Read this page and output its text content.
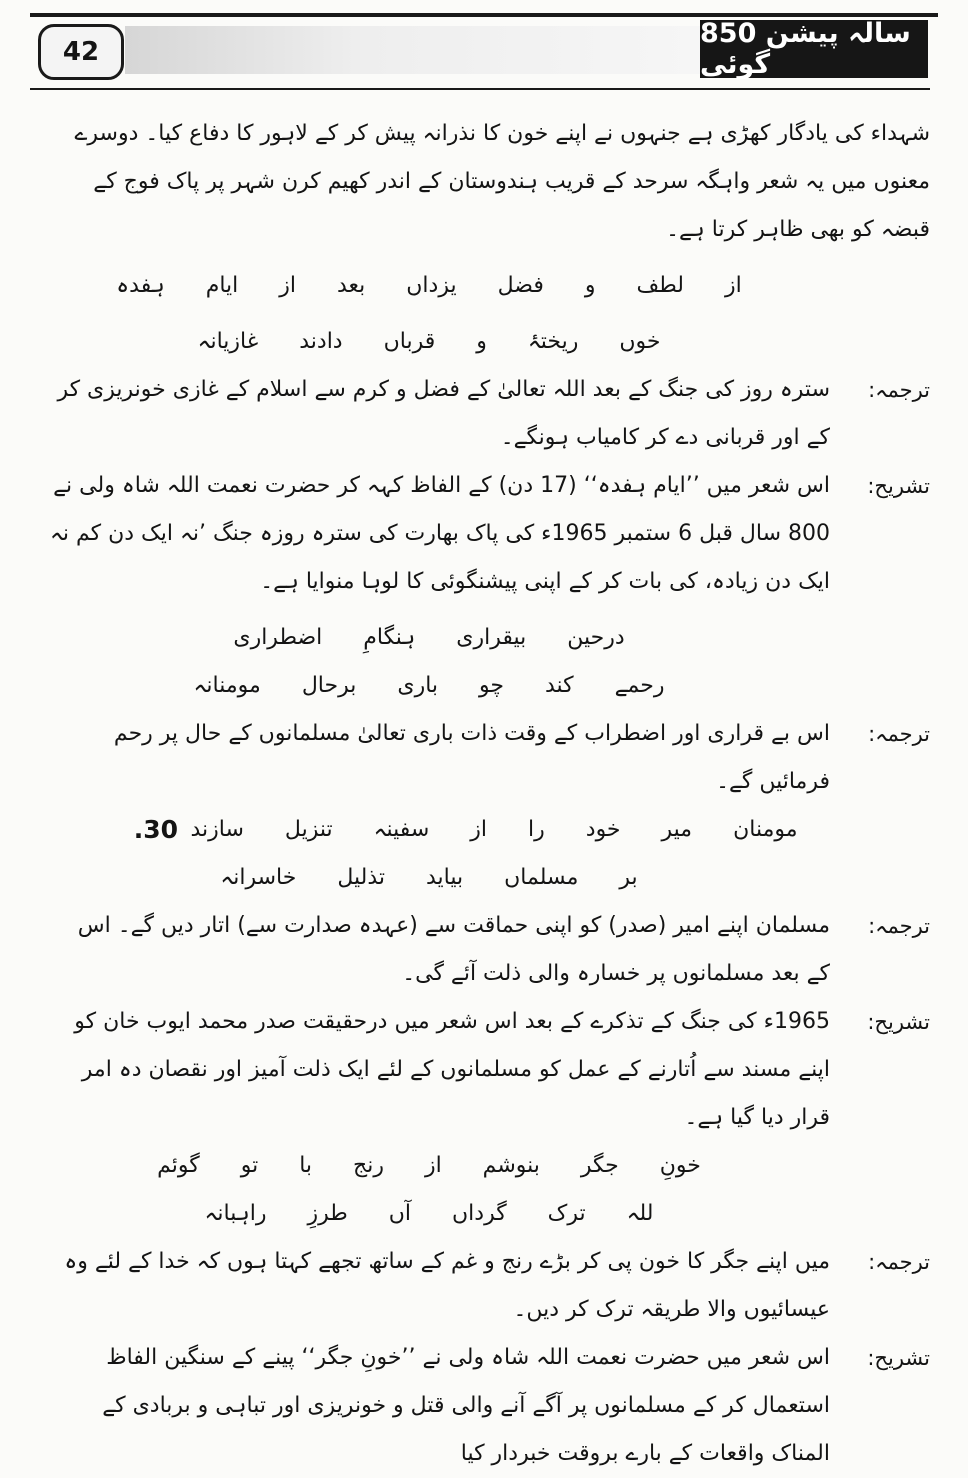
42
850 سالہ پیشن گوئی

شہداء کی یادگار کھڑی ہے جنہوں نے اپنے خون کا نذرانہ پیش کر کے لاہور کا دفاع کیا۔ دوسرے معنوں میں یہ شعر واہگہ سرحد کے قریب ہندوستان کے اندر کھیم کرن شہر پر پاک فوج کے قبضہ کو بھی ظاہر کرتا ہے۔

از لطف و فضل یزداں بعد از ایام ہفدہ

خوں ریختۂ و قرباں دادند غازیانہ

ترجمہ:
سترہ روز کی جنگ کے بعد اللہ تعالیٰ کے فضل و کرم سے اسلام کے غازی خونریزی کر کے اور قربانی دے کر کامیاب ہونگے۔
تشریح:
اس شعر میں ’’ایام ہفدہ‘‘ (17 دن) کے الفاظ کہہ کر حضرت نعمت اللہ شاہ ولی نے 800 سال قبل 6 ستمبر 1965ء کی پاک بھارت کی سترہ روزہ جنگ ’نہ ایک دن کم نہ ایک دن زیادہ، کی بات کر کے اپنی پیشنگوئی کا لوہا منوایا ہے۔

درحین بیقراری ہنگامِ اضطراری

رحمے کند چو باری برحال مومنانہ

ترجمہ:
اس بے قراری اور اضطراب کے وقت ذات باری تعالیٰ مسلمانوں کے حال پر رحم فرمائیں گے۔
مومنان میر خود را از سفینہ تنزیل سازند
30.

بر مسلماں بیاید تذلیل خاسرانہ

ترجمہ:
مسلمان اپنے امیر (صدر) کو اپنی حماقت سے (عہدہ صدارت سے) اتار دیں گے۔ اس کے بعد مسلمانوں پر خسارہ والی ذلت آئے گی۔
تشریح:
1965ء کی جنگ کے تذکرے کے بعد اس شعر میں درحقیقت صدر محمد ایوب خان کو اپنے مسند سے اُتارنے کے عمل کو مسلمانوں کے لئے ایک ذلت آمیز اور نقصان دہ امر قرار دیا گیا ہے۔

خونِ جگر بنوشم از رنج با تو گوئم

للہ ترک گرداں آں طرزِ راہبانہ

ترجمہ:
میں اپنے جگر کا خون پی کر بڑے رنج و غم کے ساتھ تجھے کہتا ہوں کہ خدا کے لئے وہ عیسائیوں والا طریقہ ترک کر دیں۔
تشریح:
اس شعر میں حضرت نعمت اللہ شاہ ولی نے ’’خونِ جگر‘‘ پینے کے سنگین الفاظ استعمال کر کے مسلمانوں پر آگے آنے والی قتل و خونریزی اور تباہی و بربادی کے المناک واقعات کے بارے بروقت خبردار کیا
